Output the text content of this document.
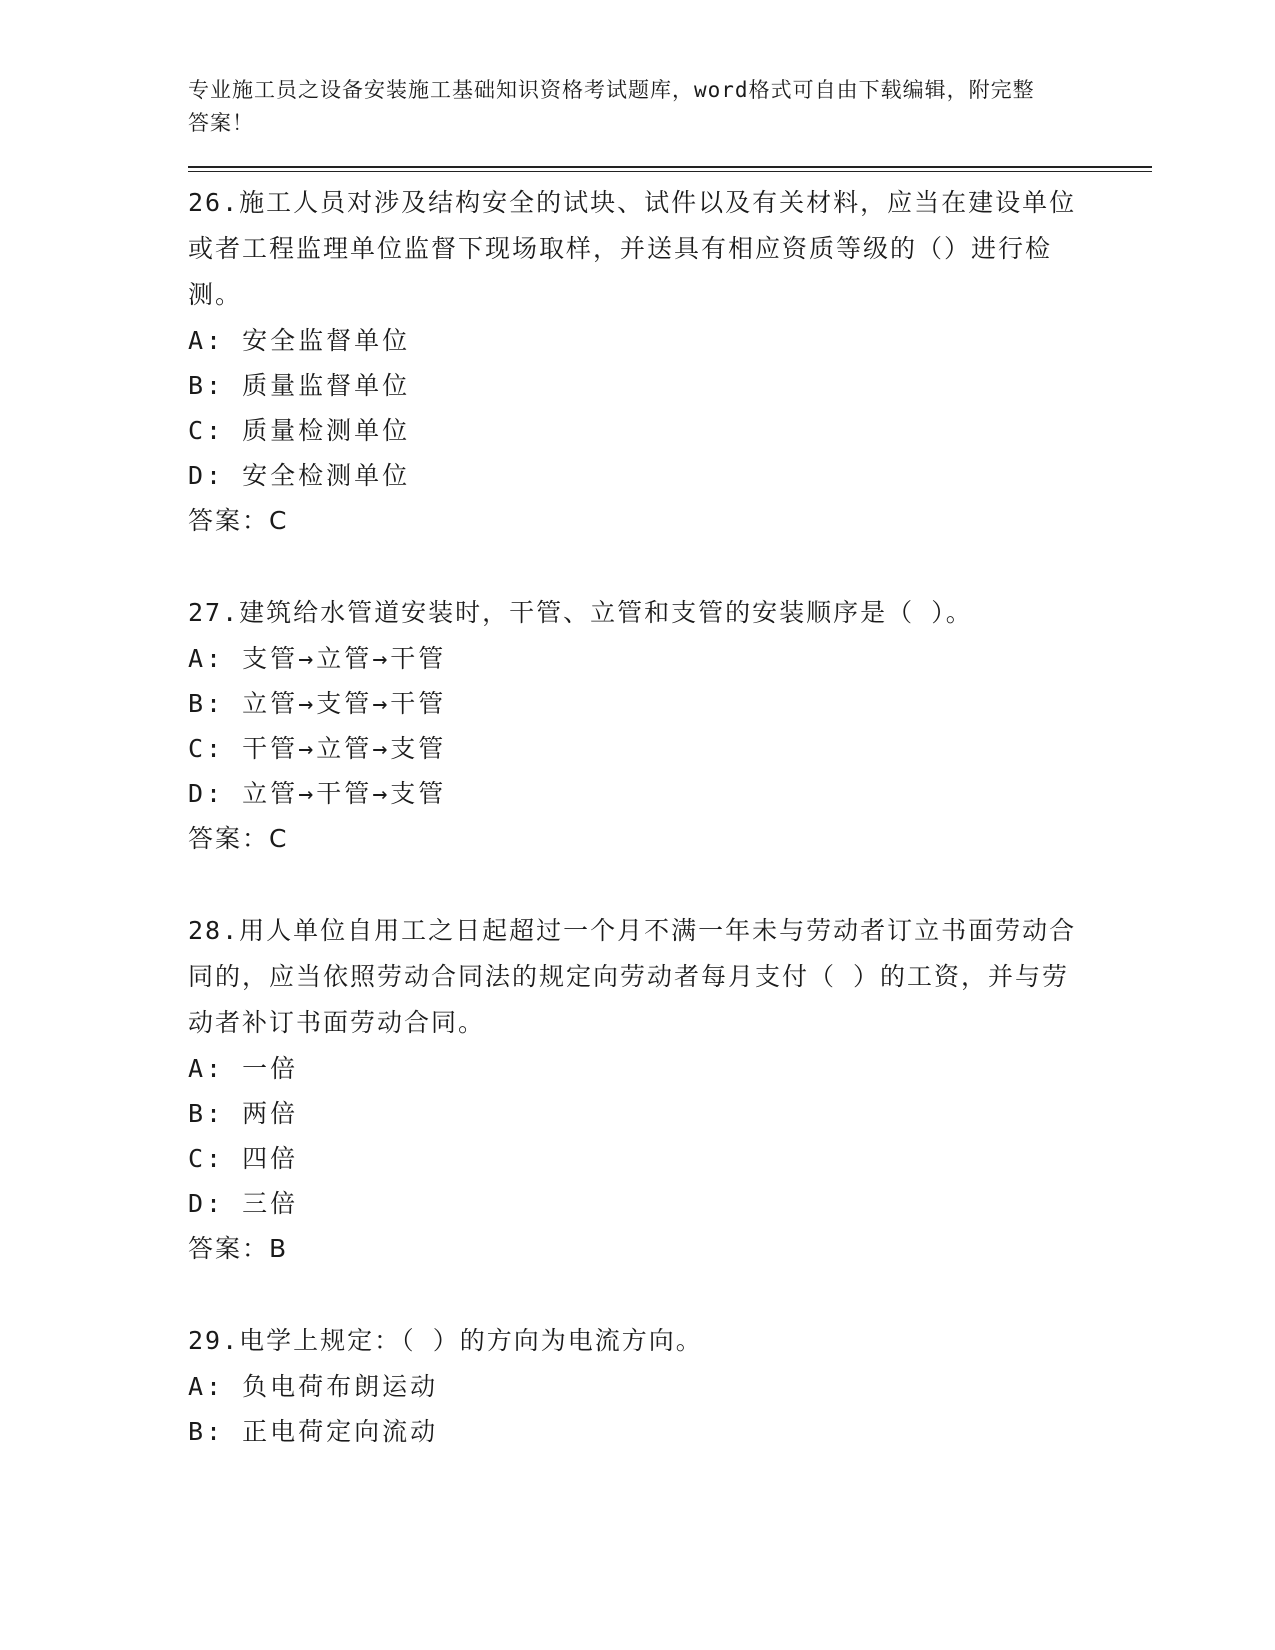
专业施工员之设备安装施工基础知识资格考试题库，word格式可自由下载编辑，附完整答案！

26.施工人员对涉及结构安全的试块、试件以及有关材料，应当在建设单位或者工程监理单位监督下现场取样，并送具有相应资质等级的（）进行检测。

A: 安全监督单位

B: 质量监督单位

C: 质量检测单位

D: 安全检测单位

答案：C

27.建筑给水管道安装时，干管、立管和支管的安装顺序是（ ）。

A: 支管→立管→干管

B: 立管→支管→干管

C: 干管→立管→支管

D: 立管→干管→支管

答案：C

28.用人单位自用工之日起超过一个月不满一年未与劳动者订立书面劳动合同的，应当依照劳动合同法的规定向劳动者每月支付（ ）的工资，并与劳动者补订书面劳动合同。

A: 一倍

B: 两倍

C: 四倍

D: 三倍

答案：B

29.电学上规定：（ ）的方向为电流方向。

A: 负电荷布朗运动

B: 正电荷定向流动
